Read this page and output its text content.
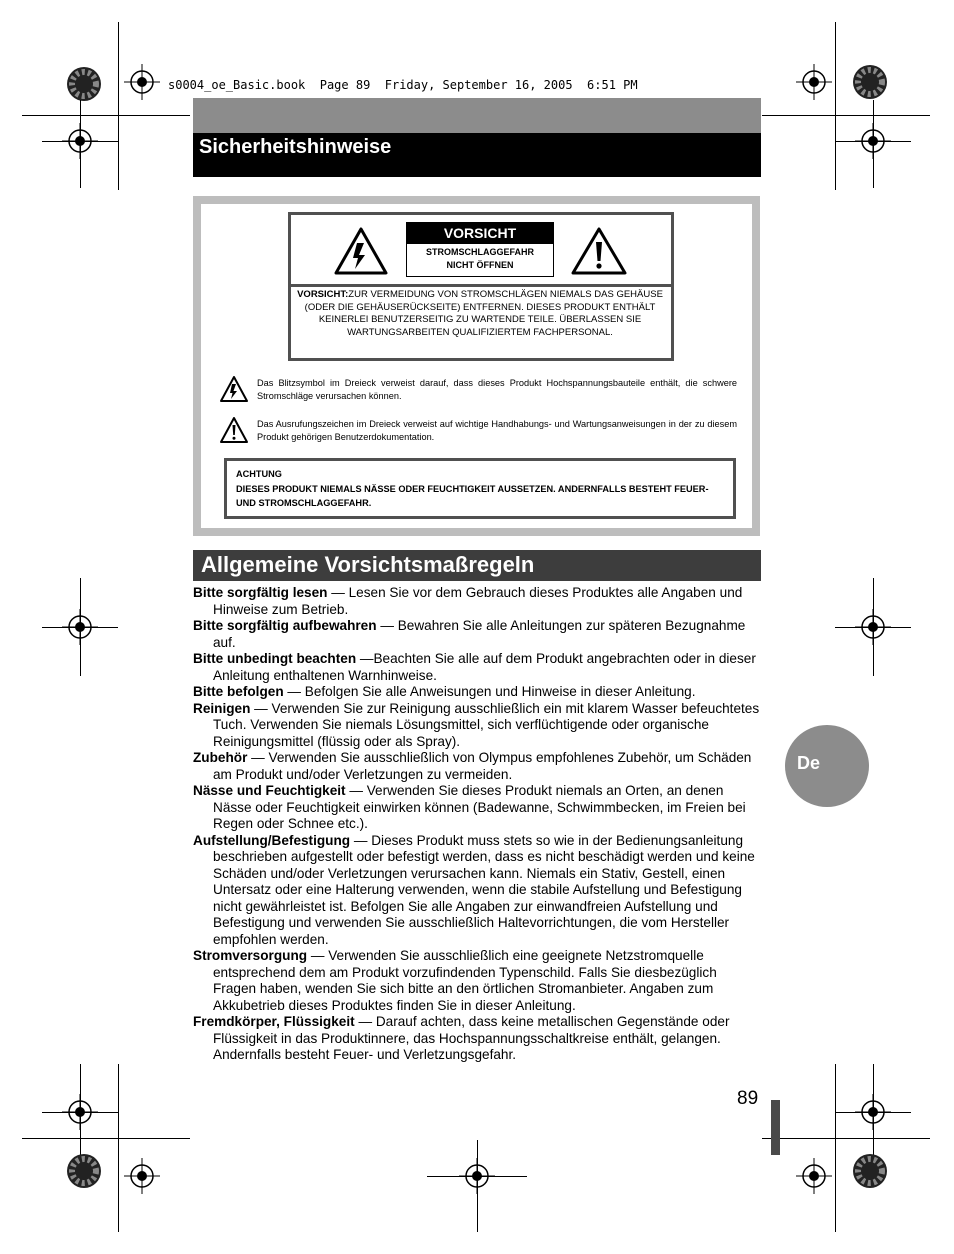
s0004_oe_Basic.book  Page 89  Friday, September 16, 2005  6:51 PM
Sicherheitshinweise
VORSICHT
STROMSCHLAGGEFAHR
NICHT ÖFFNEN
VORSICHT:ZUR VERMEIDUNG VON STROMSCHLÄGEN NIEMALS DAS GEHÄUSE (ODER DIE GEHÄUSERÜCKSEITE) ENTFERNEN. DIESES PRODUKT ENTHÄLT KEINERLEI BENUTZERSEITIG ZU WARTENDE TEILE. ÜBERLASSEN SIE WARTUNGSARBEITEN QUALIFIZIERTEM FACHPERSONAL.
Das Blitzsymbol im Dreieck verweist darauf, dass dieses Produkt Hochspannungsbauteile enthält, die schwere Stromschläge verursachen können.
Das Ausrufungszeichen im Dreieck verweist auf wichtige Handhabungs- und Wartungsanweisungen in der zu diesem Produkt gehörigen Benutzerdokumentation.
ACHTUNG
DIESES PRODUKT NIEMALS NÄSSE ODER FEUCHTIGKEIT AUSSETZEN. ANDERNFALLS BESTEHT FEUER- UND STROMSCHLAGGEFAHR.
Allgemeine Vorsichtsmaßregeln

Bitte sorgfältig lesen — Lesen Sie vor dem Gebrauch dieses Produktes alle Angaben und Hinweise zum Betrieb.

Bitte sorgfältig aufbewahren — Bewahren Sie alle Anleitungen zur späteren Bezugnahme auf.

Bitte unbedingt beachten —Beachten Sie alle auf dem Produkt angebrachten oder in dieser Anleitung enthaltenen Warnhinweise.

Bitte befolgen — Befolgen Sie alle Anweisungen und Hinweise in dieser Anleitung.

Reinigen — Verwenden Sie zur Reinigung ausschließlich ein mit klarem Wasser befeuchtetes Tuch. Verwenden Sie niemals Lösungsmittel, sich verflüchtigende oder organische Reinigungsmittel (flüssig oder als Spray).

Zubehör — Verwenden Sie ausschließlich von Olympus empfohlenes Zubehör, um Schäden am Produkt und/oder Verletzungen zu vermeiden.

Nässe und Feuchtigkeit — Verwenden Sie dieses Produkt niemals an Orten, an denen Nässe oder Feuchtigkeit einwirken können (Badewanne, Schwimmbecken, im Freien bei Regen oder Schnee etc.).

Aufstellung/Befestigung — Dieses Produkt muss stets so wie in der Bedienungsanleitung beschrieben aufgestellt oder befestigt werden, dass es nicht beschädigt werden und keine Schäden und/oder Verletzungen verursachen kann. Niemals ein Stativ, Gestell, einen Untersatz oder eine Halterung verwenden, wenn die stabile Aufstellung und Befestigung nicht gewährleistet ist. Befolgen Sie alle Angaben zur einwandfreien Aufstellung und Befestigung und verwenden Sie ausschließlich Haltevorrichtungen, die vom Hersteller empfohlen werden.

Stromversorgung — Verwenden Sie ausschließlich eine geeignete Netzstromquelle entsprechend dem am Produkt vorzufindenden Typenschild. Falls Sie diesbezüglich Fragen haben, wenden Sie sich bitte an den örtlichen Stromanbieter. Angaben zum Akkubetrieb dieses Produktes finden Sie in dieser Anleitung.

Fremdkörper, Flüssigkeit — Darauf achten, dass keine metallischen Gegenstände oder Flüssigkeit in das Produktinnere, das Hochspannungsschaltkreise enthält, gelangen. Andernfalls besteht Feuer- und Verletzungsgefahr.

De
89
